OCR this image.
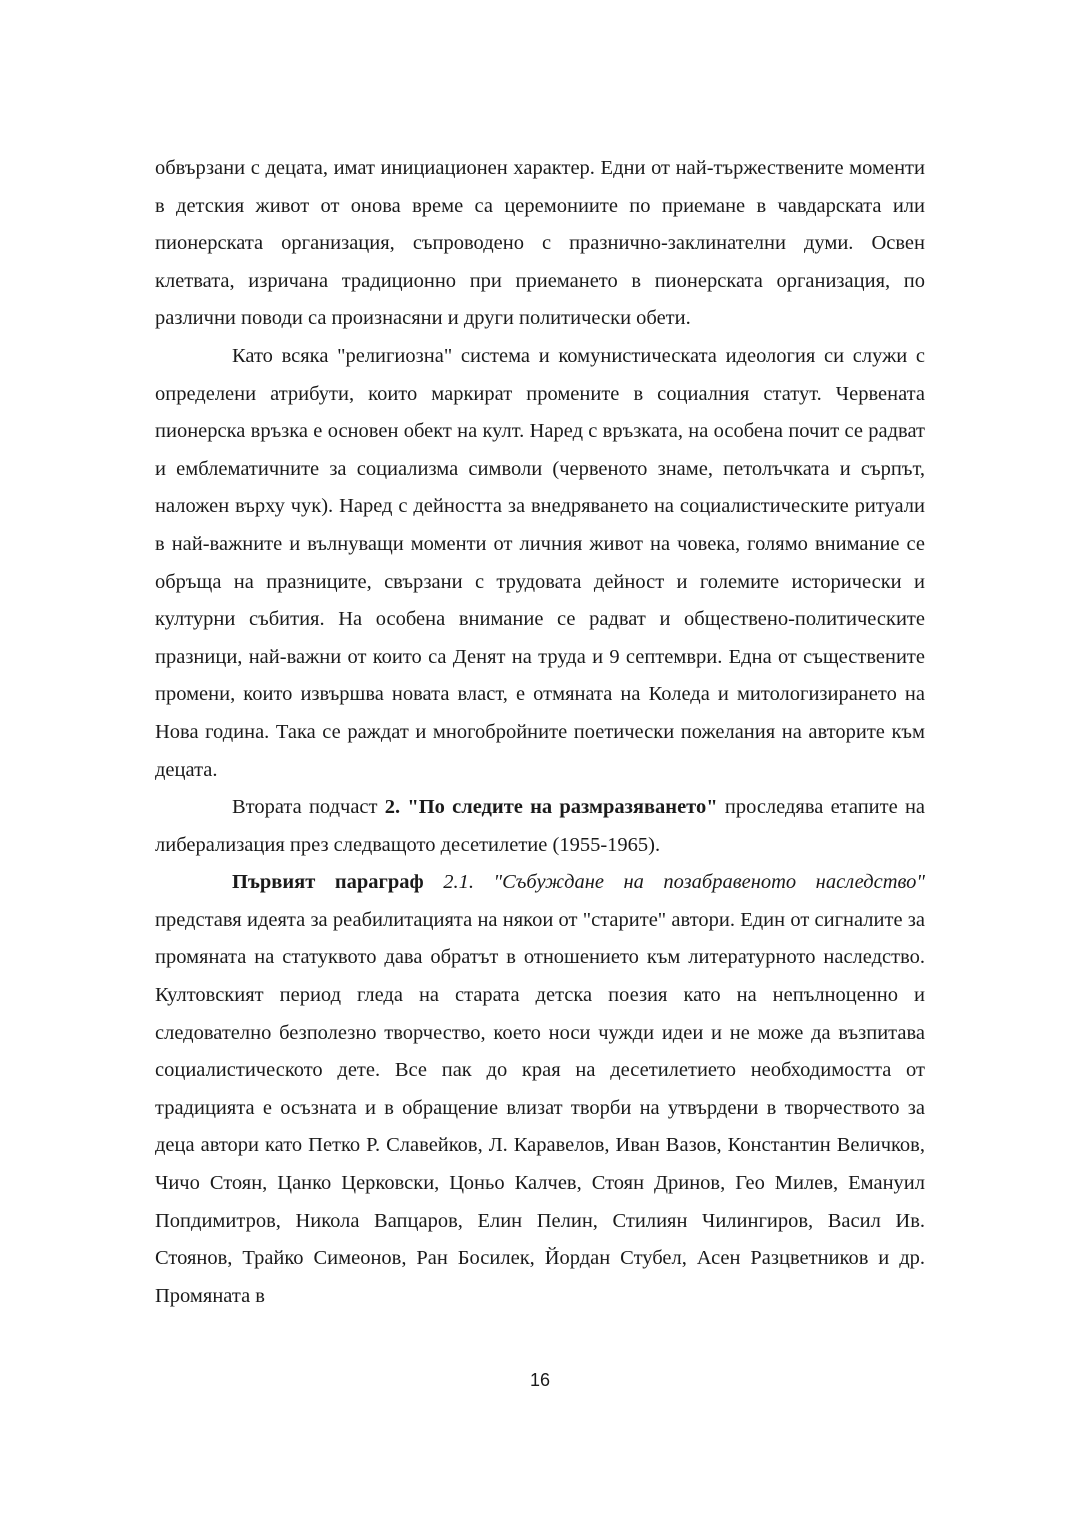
обвързани с децата, имат инициационен характер. Едни от най-тържествените моменти в детския живот от онова време са церемониите по приемане в чавдарската или пионерската организация, съпроводено с празнично-заклинателни думи. Освен клетвата, изричана традиционно при приемането в пионерската организация, по различни поводи са произнасяни и други политически обети.

Като всяка "религиозна" система и комунистическата идеология си служи с определени атрибути, които маркират промените в социалния статут. Червената пионерска връзка е основен обект на култ. Наред с връзката, на особена почит се радват и емблематичните за социализма символи (червеното знаме, петолъчката и сърпът, наложен върху чук). Наред с дейността за внедряването на социалистическите ритуали в най-важните и вълнуващи моменти от личния живот на човека, голямо внимание се обръща на празниците, свързани с трудовата дейност и големите исторически и културни събития. На особена внимание се радват и обществено-политическите празници, най-важни от които са Денят на труда и 9 септември. Една от съществените промени, които извършва новата власт, е отмяната на Коледа и митологизирането на Нова година. Така се раждат и многобройните поетически пожелания на авторите към децата.

Втората подчаст 2. "По следите на размразяването" проследява етапите на либерализация през следващото десетилетие (1955-1965).

Първият параграф 2.1. "Събуждане на позабравеното наследство" представя идеята за реабилитацията на някои от "старите" автори. Един от сигналите за промяната на статуквото дава обратът в отношението към литературното наследство. Култовският период гледа на старата детска поезия като на непълноценно и следователно безполезно творчество, което носи чужди идеи и не може да възпитава социалистическото дете. Все пак до края на десетилетието необходимостта от традицията е осъзната и в обращение влизат творби на утвърдени в творчеството за деца автори като Петко Р. Славейков, Л. Каравелов, Иван Вазов, Константин Величков, Чичо Стоян, Цанко Церковски, Цоньо Калчев, Стоян Дринов, Гео Милев, Емануил Попдимитров, Никола Вапцаров, Елин Пелин, Стилиян Чилингиров, Васил Ив. Стоянов, Трайко Симеонов, Ран Босилек, Йордан Стубел, Асен Разцветников и др. Промяната в

16
